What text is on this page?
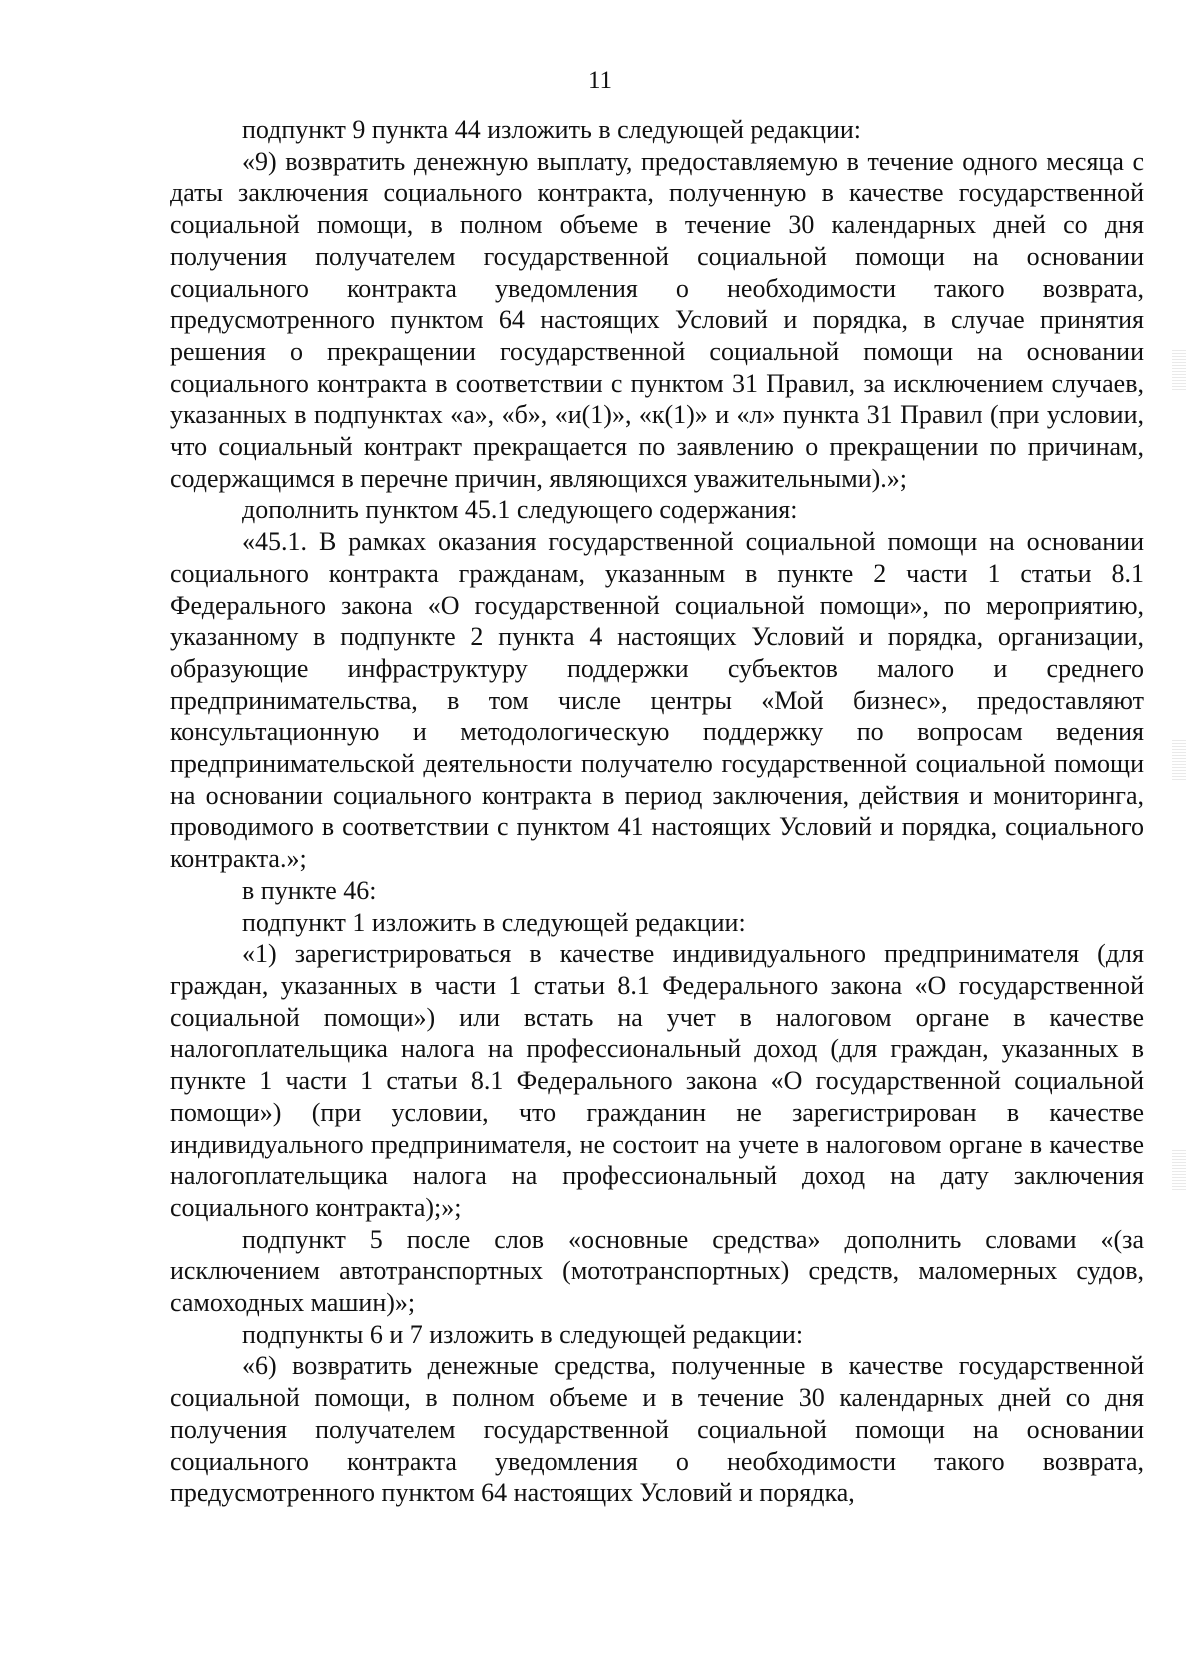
11

подпункт 9 пункта 44 изложить в следующей редакции:

«9) возвратить денежную выплату, предоставляемую в течение одного месяца с даты заключения социального контракта, полученную в качестве государственной социальной помощи, в полном объеме в течение 30 календарных дней со дня получения получателем государственной социальной помощи на основании социального контракта уведомления о необходимости такого возврата, предусмотренного пунктом 64 настоящих Условий и порядка, в случае принятия решения о прекращении государственной социальной помощи на основании социального контракта в соответствии с пунктом 31 Правил, за исключением случаев, указанных в подпунктах «а», «б», «и(1)», «к(1)» и «л» пункта 31 Правил (при условии, что социальный контракт прекращается по заявлению о прекращении по причинам, содержащимся в перечне причин, являющихся уважительными).»;

дополнить пунктом 45.1 следующего содержания:

«45.1. В рамках оказания государственной социальной помощи на основании социального контракта гражданам, указанным в пункте 2 части 1 статьи 8.1 Федерального закона «О государственной социальной помощи», по мероприятию, указанному в подпункте 2 пункта 4 настоящих Условий и порядка, организации, образующие инфраструктуру поддержки субъектов малого и среднего предпринимательства, в том числе центры «Мой бизнес», предоставляют консультационную и методологическую поддержку по вопросам ведения предпринимательской деятельности получателю государственной социальной помощи на основании социального контракта в период заключения, действия и мониторинга, проводимого в соответствии с пунктом 41 настоящих Условий и порядка, социального контракта.»;

в пункте 46:

подпункт 1 изложить в следующей редакции:

«1) зарегистрироваться в качестве индивидуального предпринимателя (для граждан, указанных в части 1 статьи 8.1 Федерального закона «О государственной социальной помощи») или встать на учет в налоговом органе в качестве налогоплательщика налога на профессиональный доход (для граждан, указанных в пункте 1 части 1 статьи 8.1 Федерального закона «О государственной социальной помощи») (при условии, что гражданин не зарегистрирован в качестве индивидуального предпринимателя, не состоит на учете в налоговом органе в качестве налогоплательщика налога на профессиональный доход на дату заключения социального контракта);»;

подпункт 5 после слов «основные средства» дополнить словами «(за исключением автотранспортных (мототранспортных) средств, маломерных судов, самоходных машин)»;

подпункты 6 и 7 изложить в следующей редакции:

«6) возвратить денежные средства, полученные в качестве государственной социальной помощи, в полном объеме и в течение 30 календарных дней со дня получения получателем государственной социальной помощи на основании социального контракта уведомления о необходимости такого возврата, предусмотренного пунктом 64 настоящих Условий и порядка,
